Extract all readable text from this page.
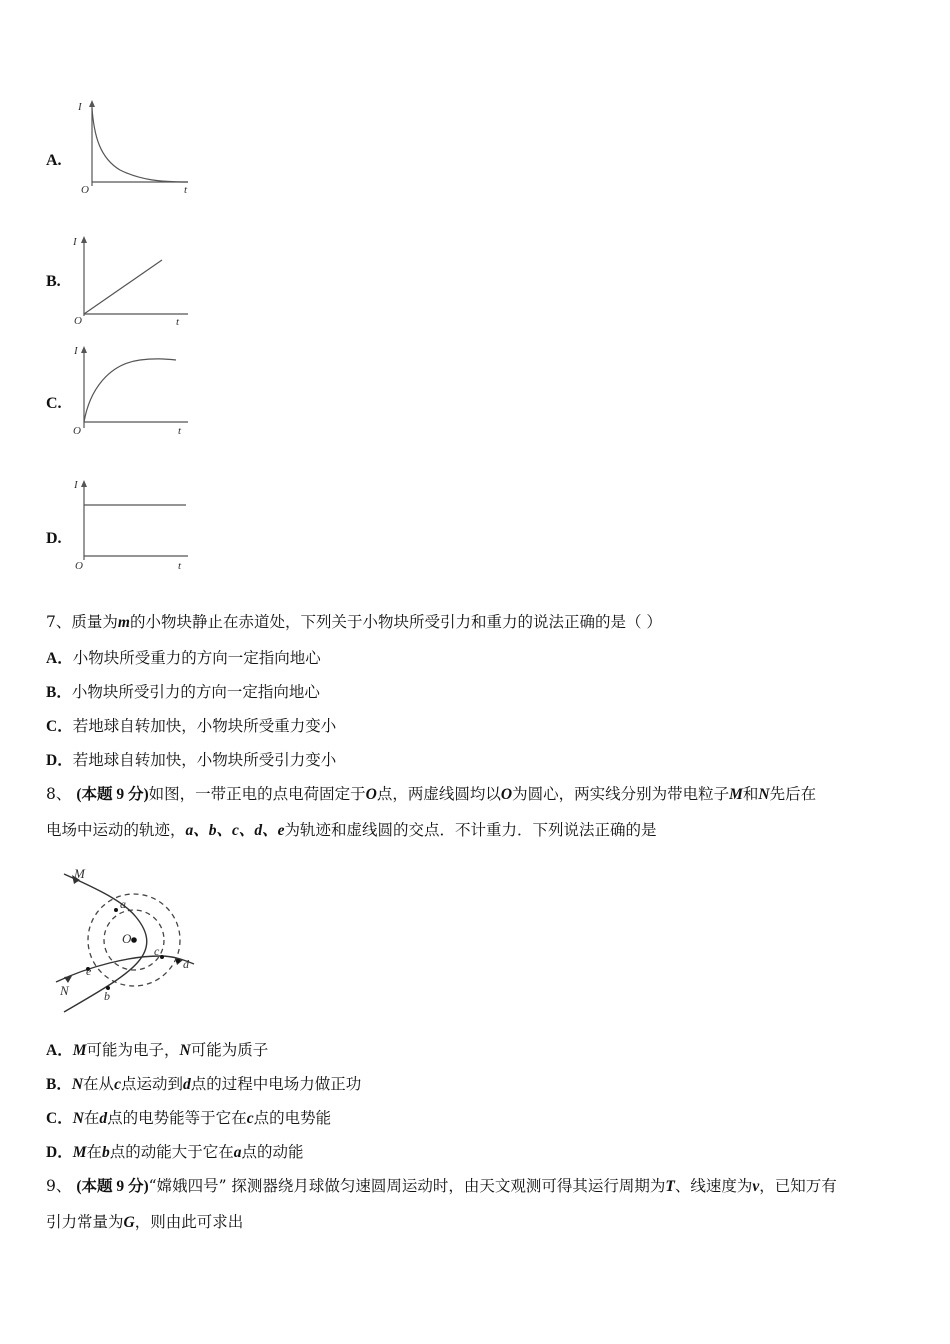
A.
I
O	t
B.
I
O	t
C.
I
O	t
D.
I
O	t
7、质量为m的小物块静止在赤道处，下列关于小物块所受引力和重力的说法正确的是（ ）
A．小物块所受重力的方向一定指向地心
B．小物块所受引力的方向一定指向地心
C．若地球自转加快，小物块所受重力变小
D．若地球自转加快，小物块所受引力变小
8、 (本题 9 分)如图，一带正电的点电荷固定于O点，两虚线圆均以O为圆心，两实线分别为带电粒子M和N先后在
电场中运动的轨迹，a、b、c、d、e为轨迹和虚线圆的交点．不计重力．下列说法正确的是
M
N
O
a
b
c
d
e
A．M可能为电子，N可能为质子
B．N在从c点运动到d点的过程中电场力做正功
C．N在d点的电势能等于它在c点的电势能
D．M在b点的动能大于它在a点的动能
9、 (本题 9 分)“嫦娥四号” 探测器绕月球做匀速圆周运动时，由天文观测可得其运行周期为T、线速度为v，已知万有
引力常量为G，则由此可求出
